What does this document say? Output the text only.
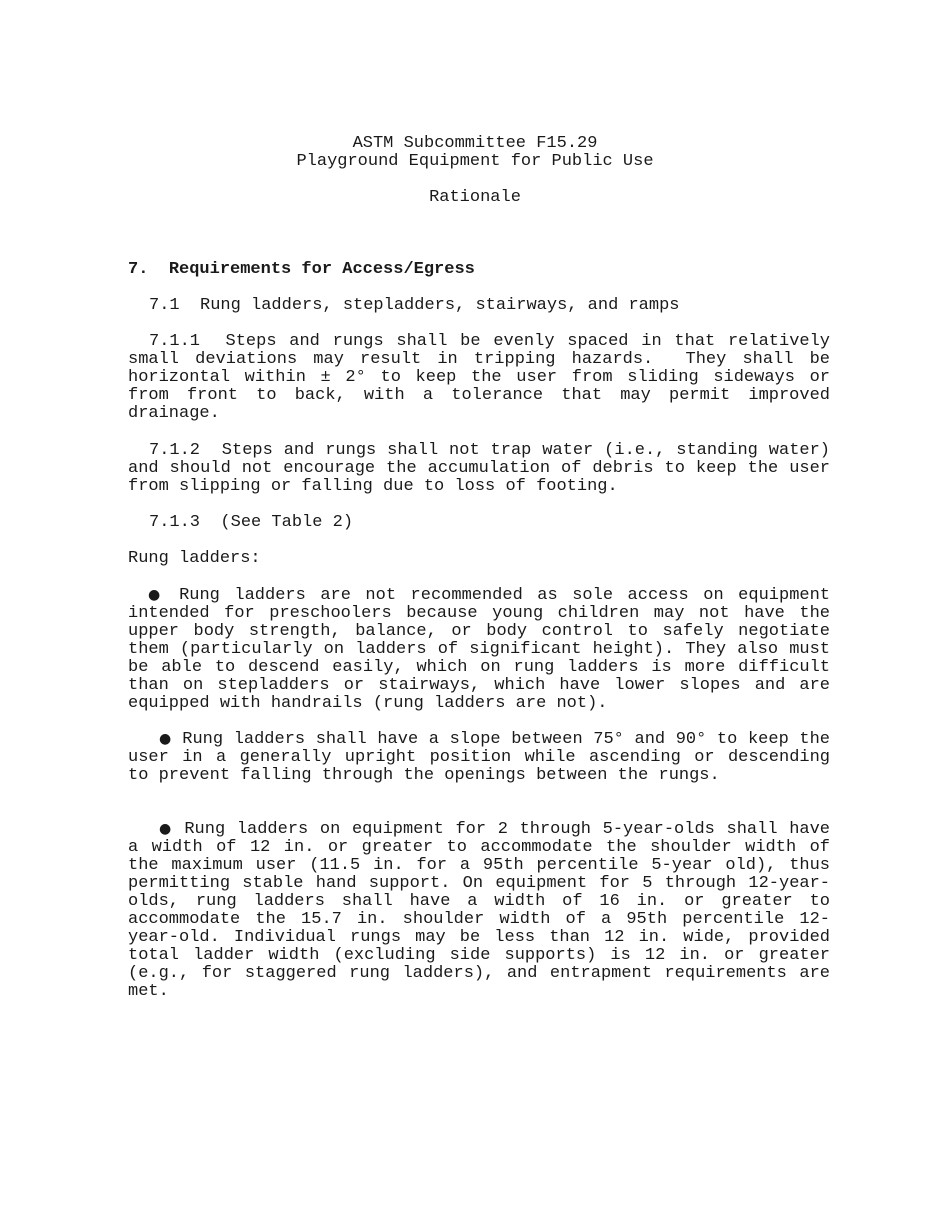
ASTM Subcommittee F15.29
Playground Equipment for Public Use
Rationale
7. Requirements for Access/Egress
7.1  Rung ladders, stepladders, stairways, and ramps
7.1.1  Steps and rungs shall be evenly spaced in that relatively small deviations may result in tripping hazards.  They shall be horizontal within ± 2° to keep the user from sliding sideways or from front to back, with a tolerance that may permit improved drainage.
7.1.2  Steps and rungs shall not trap water (i.e., standing water) and should not encourage the accumulation of debris to keep the user from slipping or falling due to loss of footing.
7.1.3  (See Table 2)
Rung ladders:
● Rung ladders are not recommended as sole access on equipment intended for preschoolers because young children may not have the upper body strength, balance, or body control to safely negotiate them (particularly on ladders of significant height). They also must be able to descend easily, which on rung ladders is more difficult than on stepladders or stairways, which have lower slopes and are equipped with handrails (rung ladders are not).
● Rung ladders shall have a slope between 75° and 90° to keep the user in a generally upright position while ascending or descending to prevent falling through the openings between the rungs.
● Rung ladders on equipment for 2 through 5-year-olds shall have a width of 12 in. or greater to accommodate the shoulder width of the maximum user (11.5 in. for a 95th percentile 5-year old), thus permitting stable hand support. On equipment for 5 through 12-year-olds, rung ladders shall have a width of 16 in. or greater to accommodate the 15.7 in. shoulder width of a 95th percentile 12-year-old. Individual rungs may be less than 12 in. wide, provided total ladder width (excluding side supports) is 12 in. or greater (e.g., for staggered rung ladders), and entrapment requirements are met.
